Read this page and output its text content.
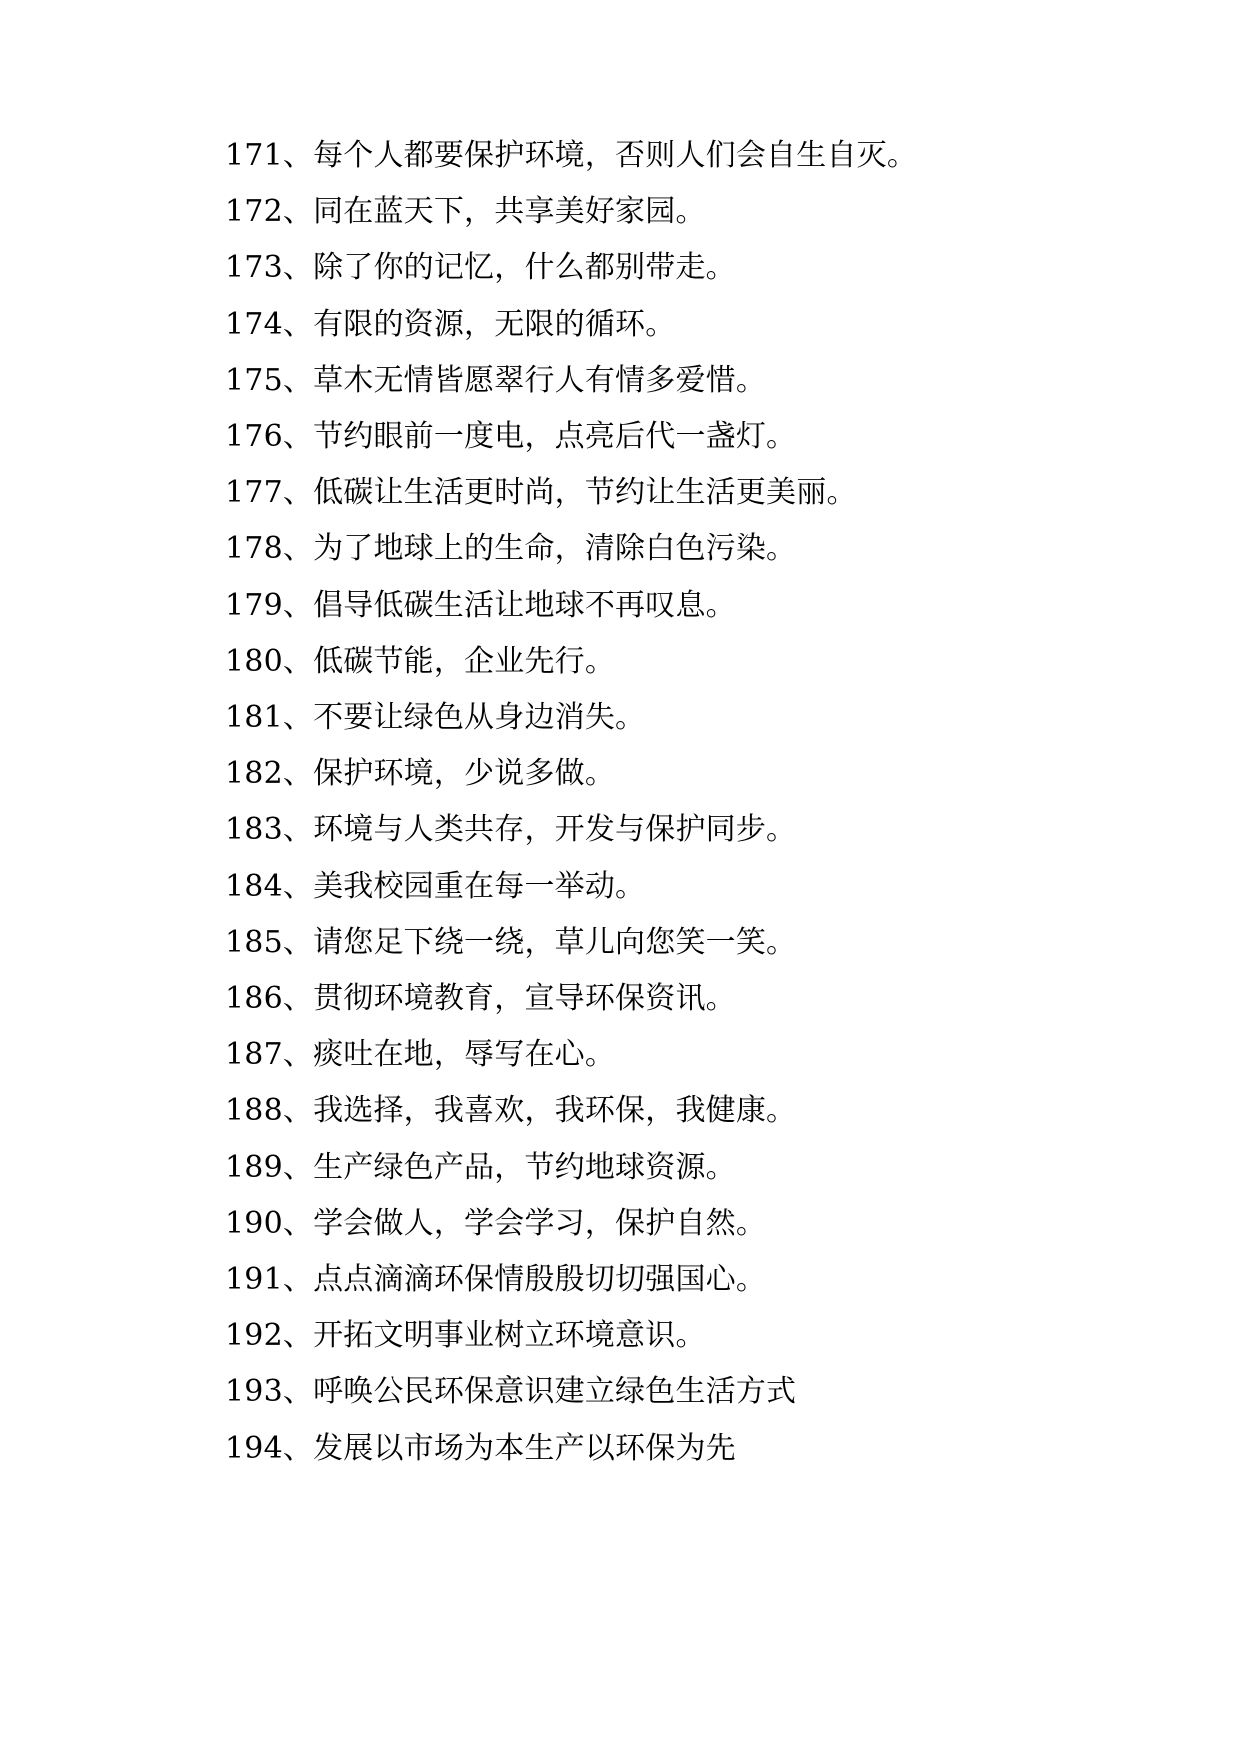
171、 每个人都要保护环境，否则人们会自生自灭。
172、 同在蓝天下，共享美好家园。
173、 除了你的记忆，什么都别带走。
174、 有限的资源，无限的循环。
175、 草木无情皆愿翠行人有情多爱惜。
176、 节约眼前一度电，点亮后代一盏灯。
177、 低碳让生活更时尚，节约让生活更美丽。
178、 为了地球上的生命，清除白色污染。
179、 倡导低碳生活让地球不再叹息。
180、 低碳节能，企业先行。
181、 不要让绿色从身边消失。
182、 保护环境，少说多做。
183、 环境与人类共存，开发与保护同步。
184、 美我校园重在每一举动。
185、 请您足下绕一绕，草儿向您笑一笑。
186、 贯彻环境教育，宣导环保资讯。
187、 痰吐在地，辱写在心。
188、 我选择，我喜欢，我环保，我健康。
189、 生产绿色产品，节约地球资源。
190、 学会做人，学会学习，保护自然。
191、 点点滴滴环保情殷殷切切强国心。
192、 开拓文明事业树立环境意识。
193、 呼唤公民环保意识建立绿色生活方式
194、 发展以市场为本生产以环保为先
